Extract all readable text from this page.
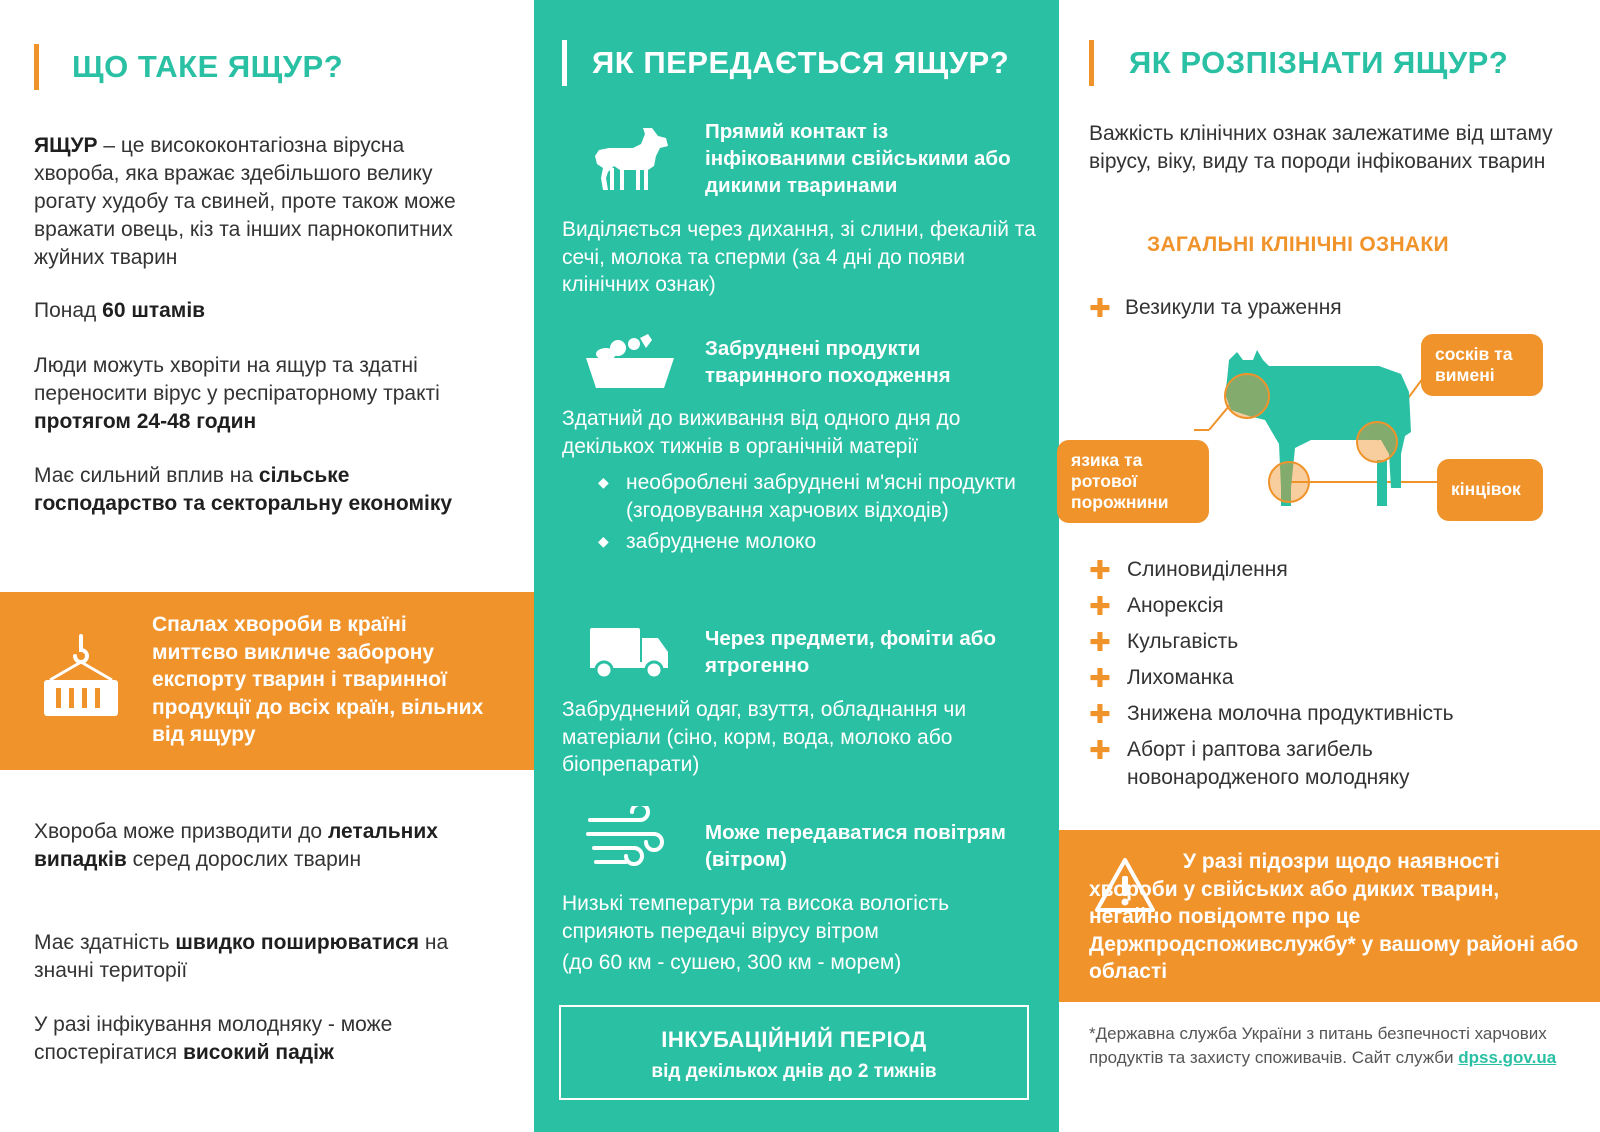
ЩО ТАКЕ ЯЩУР?
ЯЩУР – це висококонтагіозна вірусна хвороба, яка вражає здебільшого велику рогату худобу та свиней, проте також може вражати овець, кіз та інших парнокопитних жуйних тварин
Понад 60 штамів
Люди можуть хворіти на ящур та здатні переносити вірус у респіраторному тракті протягом 24-48 годин
Має сильний вплив на сільське господарство та секторальну економіку
Спалах хвороби в країні миттєво викличе заборону експорту тварин і тваринної продукції до всіх країн, вільних від ящуру
Хвороба може призводити до летальних випадків серед дорослих тварин
Має здатність швидко поширюватися на значні території
У разі інфікування молодняку - може спостерігатися високий падіж
ЯК ПЕРЕДАЄТЬСЯ ЯЩУР?
Прямий контакт із інфікованими свійськими або дикими тваринами
Виділяється через дихання, зі слини, фекалій та сечі, молока та сперми (за 4 дні до появи клінічних ознак)
Забруднені продукти тваринного походження
Здатний до виживання від одного дня до декількох тижнів в органічній матерії
◆ необроблені забруднені м'ясні продукти (згодовування харчових відходів)
◆ забруднене молоко
Через предмети, фоміти або ятрогенно
Забруднений одяг, взуття, обладнання чи матеріали (сіно, корм, вода, молоко або біопрепарати)
Може передаватися повітрям (вітром)
Низькі температури та висока вологість сприяють передачі вірусу вітром
(до 60 км - сушею, 300 км - морем)
ІНКУБАЦІЙНИЙ ПЕРІОД
від декількох днів до 2 тижнів
ЯК РОЗПІЗНАТИ ЯЩУР?
Важкість клінічних ознак залежатиме від штаму вірусу, віку, виду та породи інфікованих тварин
ЗАГАЛЬНІ КЛІНІЧНІ ОЗНАКИ
✚ Везикули та ураження
сосків та вимені
язика та ротової порожнини
кінцівок
✚ Слиновиділення
✚ Анорексія
✚ Кульгавість
✚ Лихоманка
✚ Знижена молочна продуктивність
✚ Аборт і раптова загибель новонародженого молодняку
У разі підозри щодо наявності хвороби у свійських або диких тварин, негайно повідомте про це Держпродспоживслужбу* у вашому районі або області
*Державна служба України з питань безпечності харчових продуктів та захисту споживачів. Сайт служби dpss.gov.ua
